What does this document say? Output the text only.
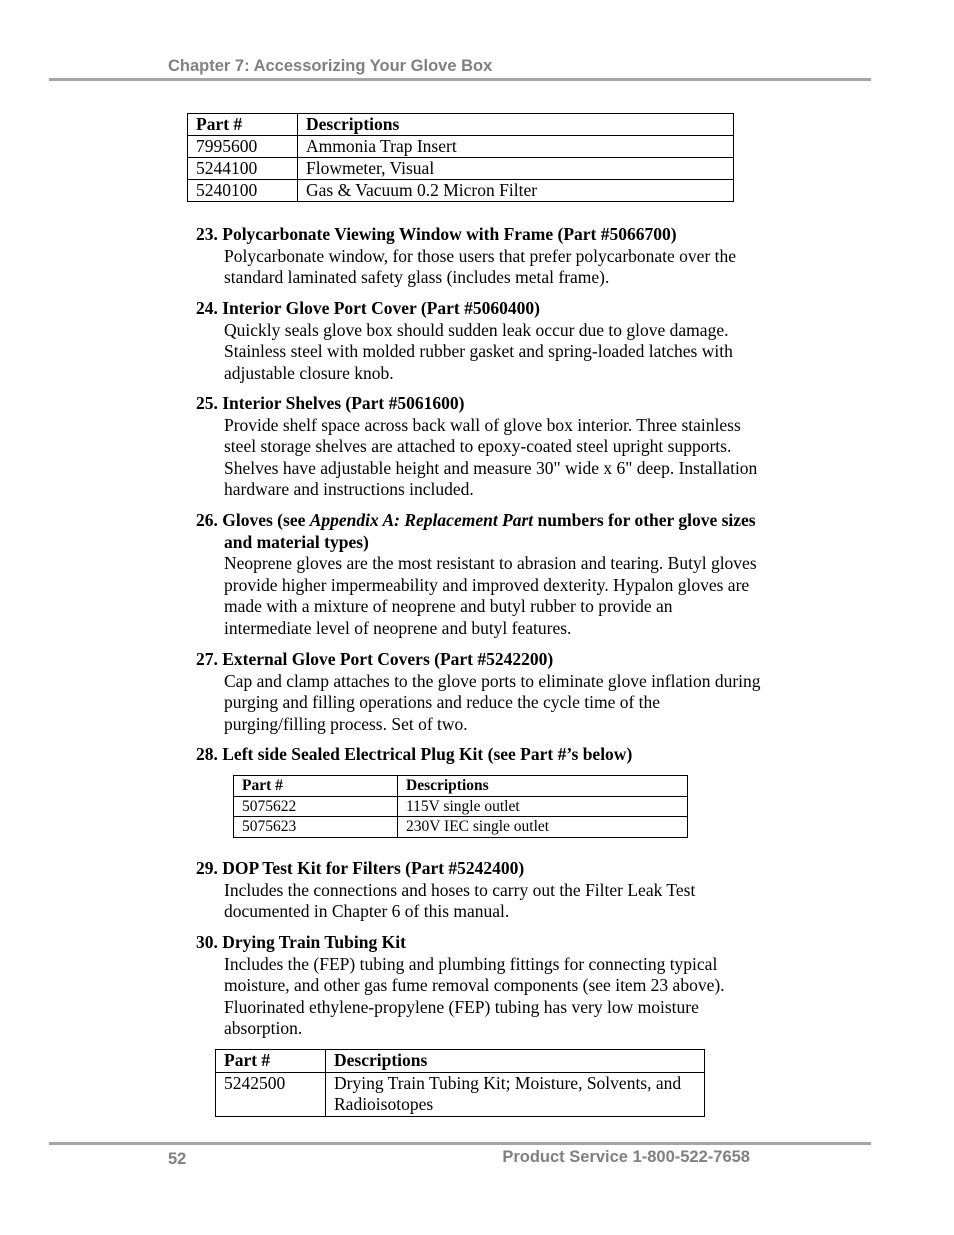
Chapter 7: Accessorizing Your Glove Box
Part #	Descriptions
7995600	Ammonia Trap Insert
5244100	Flowmeter, Visual
5240100	Gas & Vacuum 0.2 Micron Filter
23. Polycarbonate Viewing Window with Frame (Part #5066700)
Polycarbonate window, for those users that prefer polycarbonate over the standard laminated safety glass (includes metal frame).
24. Interior Glove Port Cover (Part #5060400)
Quickly seals glove box should sudden leak occur due to glove damage. Stainless steel with molded rubber gasket and spring-loaded latches with adjustable closure knob.
25. Interior Shelves (Part #5061600)
Provide shelf space across back wall of glove box interior. Three stainless steel storage shelves are attached to epoxy-coated steel upright supports. Shelves have adjustable height and measure 30" wide x 6" deep. Installation hardware and instructions included.
26. Gloves (see Appendix A: Replacement Part numbers for other glove sizes and material types)
Neoprene gloves are the most resistant to abrasion and tearing. Butyl gloves provide higher impermeability and improved dexterity. Hypalon gloves are made with a mixture of neoprene and butyl rubber to provide an intermediate level of neoprene and butyl features.
27. External Glove Port Covers (Part #5242200)
Cap and clamp attaches to the glove ports to eliminate glove inflation during purging and filling operations and reduce the cycle time of the purging/filling process. Set of two.
28. Left side Sealed Electrical Plug Kit (see Part #’s below)
Part #	Descriptions
5075622	115V single outlet
5075623	230V IEC single outlet
29. DOP Test Kit for Filters (Part #5242400)
Includes the connections and hoses to carry out the Filter Leak Test documented in Chapter 6 of this manual.
30. Drying Train Tubing Kit
Includes the (FEP) tubing and plumbing fittings for connecting typical moisture, and other gas fume removal components (see item 23 above). Fluorinated ethylene-propylene (FEP) tubing has very low moisture absorption.
Part #	Descriptions
5242500	Drying Train Tubing Kit; Moisture, Solvents, and Radioisotopes
52	Product Service 1-800-522-7658
